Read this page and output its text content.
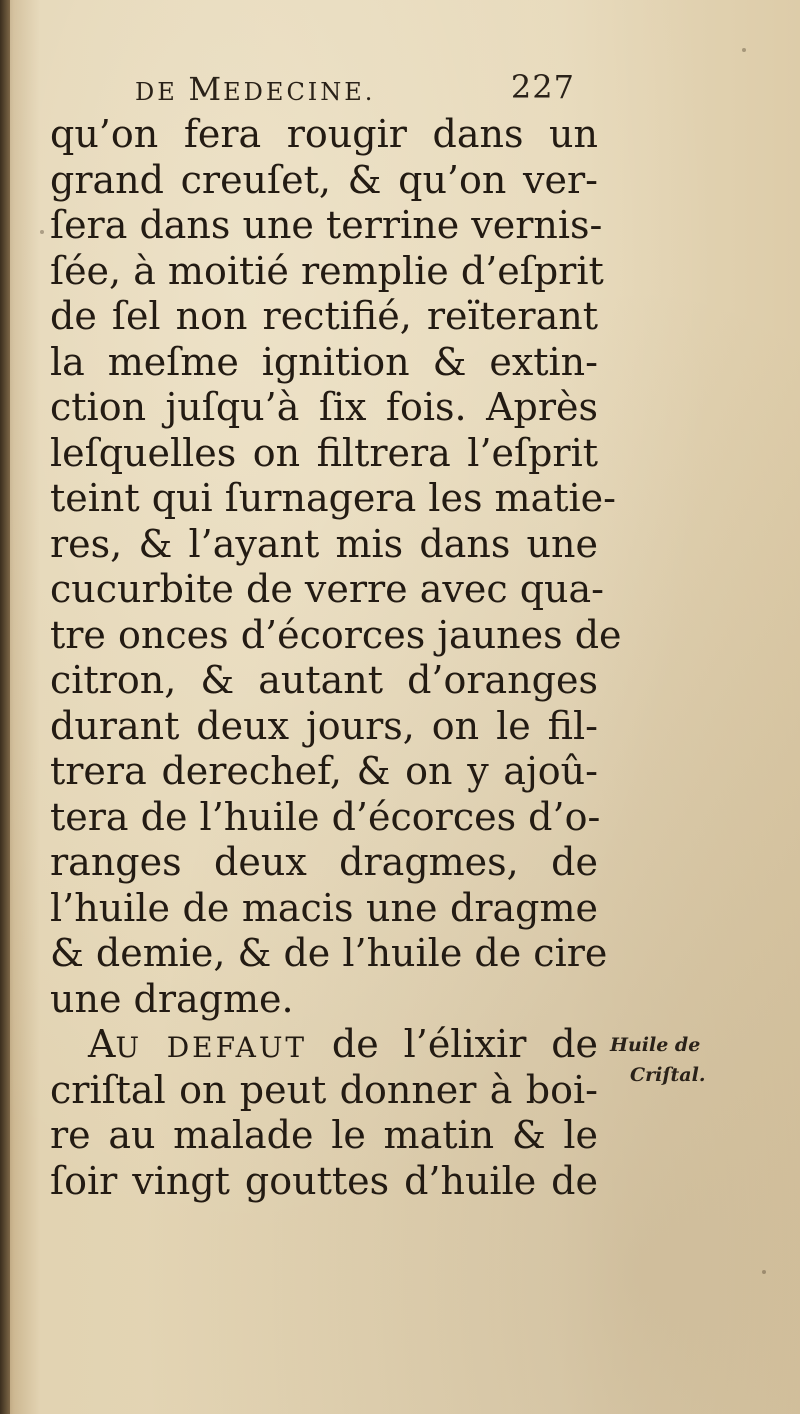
DE MEDECINE.	227
qu’on fera rougir dans un
grand creuſet, & qu’on ver-
ſera dans une terrine vernis-
ſée, à moitié remplie d’eſprit
de ſel non rectifié, reïterant
la meſme ignition & extin-
ction juſqu’à ſix fois. Après
leſquelles on filtrera l’eſprit
teint qui ſurnagera les matie-
res, & l’ayant mis dans une
cucurbite de verre avec qua-
tre onces d’écorces jaunes de
citron, & autant d’oranges
durant deux jours, on le fil-
trera derechef, & on y ajoû-
tera de l’huile d’écorces d’o-
ranges deux dragmes, de
l’huile de macis une dragme
& demie, & de l’huile de cire
une dragme.
AU DEFAUT de l’élixir de
criſtal on peut donner à boi-
re au malade le matin & le
ſoir vingt gouttes d’huile de
Huile de
Criſtal.
